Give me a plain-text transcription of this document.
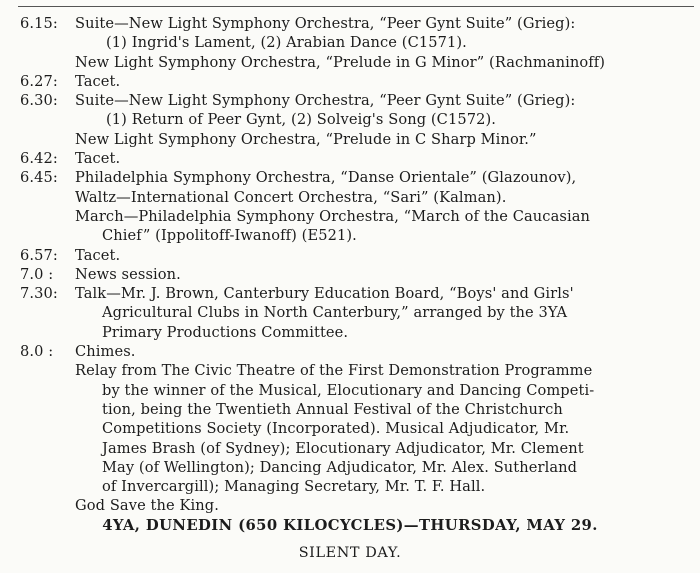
6.15:	Suite—New Light Symphony Orchestra, “Peer Gynt Suite” (Grieg):
(1) Ingrid's Lament, (2) Arabian Dance (C1571).
New Light Symphony Orchestra, “Prelude in G Minor” (Rachmaninoff)
6.27:	Tacet.
6.30:	Suite—New Light Symphony Orchestra, “Peer Gynt Suite” (Grieg):
(1) Return of Peer Gynt, (2) Solveig's Song (C1572).
New Light Symphony Orchestra, “Prelude in C Sharp Minor.”
6.42:	Tacet.
6.45:	Philadelphia Symphony Orchestra, “Danse Orientale” (Glazounov),
Waltz—International Concert Orchestra, “Sari” (Kalman).
March—Philadelphia Symphony Orchestra, “March of the Caucasian
Chief” (Ippolitoff-Iwanoff) (E521).
6.57:	Tacet.
7.0 :	News session.
7.30:	Talk—Mr. J. Brown, Canterbury Education Board, “Boys' and Girls'
Agricultural Clubs in North Canterbury,” arranged by the 3YA
Primary Productions Committee.
8.0 :	Chimes.
Relay from The Civic Theatre of the First Demonstration Programme
by the winner of the Musical, Elocutionary and Dancing Competi-
tion, being the Twentieth Annual Festival of the Christchurch
Competitions Society (Incorporated). Musical Adjudicator, Mr.
James Brash (of Sydney); Elocutionary Adjudicator, Mr. Clement
May (of Wellington); Dancing Adjudicator, Mr. Alex. Sutherland
of Invercargill); Managing Secretary, Mr. T. F. Hall.
God Save the King.
4YA, DUNEDIN (650 KILOCYCLES)—THURSDAY, MAY 29.
SILENT DAY.
